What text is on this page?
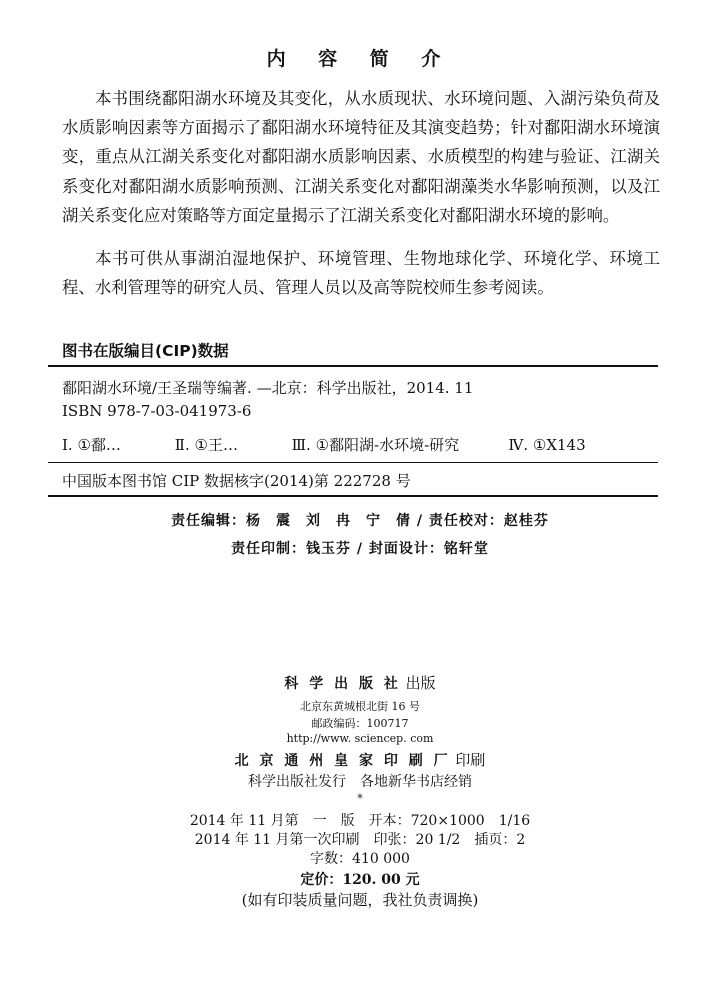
内 容 简 介

本书围绕鄱阳湖水环境及其变化，从水质现状、水环境问题、入湖污染负荷及水质影响因素等方面揭示了鄱阳湖水环境特征及其演变趋势；针对鄱阳湖水环境演变，重点从江湖关系变化对鄱阳湖水质影响因素、水质模型的构建与验证、江湖关系变化对鄱阳湖水质影响预测、江湖关系变化对鄱阳湖藻类水华影响预测，以及江湖关系变化应对策略等方面定量揭示了江湖关系变化对鄱阳湖水环境的影响。

本书可供从事湖泊湿地保护、环境管理、生物地球化学、环境化学、环境工程、水利管理等的研究人员、管理人员以及高等院校师生参考阅读。

图书在版编目(CIP)数据
鄱阳湖水环境/王圣瑞等编著. —北京：科学出版社，2014. 11
ISBN 978-7-03-041973-6
Ⅰ. ①鄱…	Ⅱ. ①王…	Ⅲ. ①鄱阳湖-水环境-研究	Ⅳ. ①X143
中国版本图书馆 CIP 数据核字(2014)第 222728 号
责任编辑：杨　震　刘　冉　宁　倩 / 责任校对：赵桂芬
责任印制：钱玉芬 / 封面设计：铭轩堂
科 学 出 版 社 出版
北京东黄城根北街 16 号
邮政编码：100717
http://www. sciencep. com
北 京 通 州 皇 家 印 刷 厂 印刷
科学出版社发行　各地新华书店经销
*
2014 年 11 月第　一　版　开本：720×1000　1/16
2014 年 11 月第一次印刷　印张：20 1/2　插页：2
字数：410 000
定价：120. 00 元
(如有印装质量问题，我社负责调换)
